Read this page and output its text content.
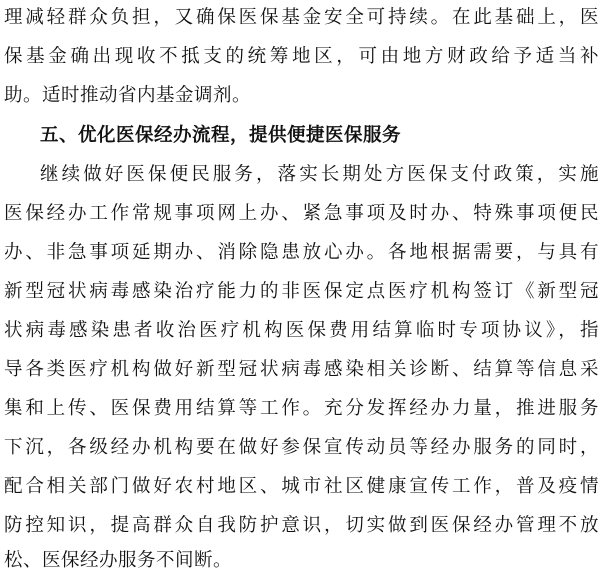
理减轻群众负担，又确保医保基金安全可持续。在此基础上，医
保基金确出现收不抵支的统筹地区，可由地方财政给予适当补
助。适时推动省内基金调剂。
五、优化医保经办流程，提供便捷医保服务
继续做好医保便民服务，落实长期处方医保支付政策，实施
医保经办工作常规事项网上办、紧急事项及时办、特殊事项便民
办、非急事项延期办、消除隐患放心办。各地根据需要，与具有
新型冠状病毒感染治疗能力的非医保定点医疗机构签订《新型冠
状病毒感染患者收治医疗机构医保费用结算临时专项协议》，指
导各类医疗机构做好新型冠状病毒感染相关诊断、结算等信息采
集和上传、医保费用结算等工作。充分发挥经办力量，推进服务
下沉，各级经办机构要在做好参保宣传动员等经办服务的同时，
配合相关部门做好农村地区、城市社区健康宣传工作，普及疫情
防控知识，提高群众自我防护意识，切实做到医保经办管理不放
松、医保经办服务不间断。
